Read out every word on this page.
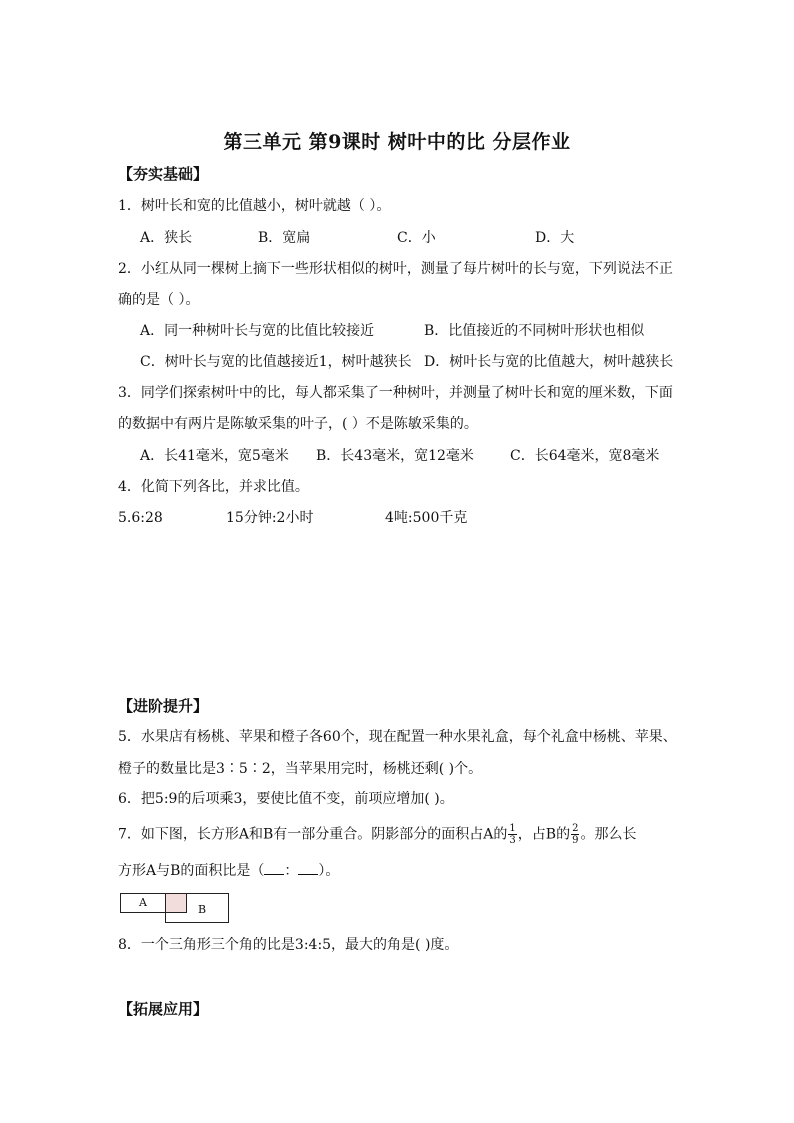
第三单元 第9课时 树叶中的比 分层作业
【夯实基础】
1．树叶长和宽的比值越小，树叶就越（ ）。
A．狭长	B．宽扁	C．小	D．大
2．小红从同一棵树上摘下一些形状相似的树叶，测量了每片树叶的长与宽，下列说法不正
确的是（ ）。
A．同一种树叶长与宽的比值比较接近	B．比值接近的不同树叶形状也相似
C．树叶长与宽的比值越接近1，树叶越狭长 D．树叶长与宽的比值越大，树叶越狭长
3．同学们探索树叶中的比，每人都采集了一种树叶，并测量了树叶长和宽的厘米数，下面
的数据中有两片是陈敏采集的叶子，( ）不是陈敏采集的。
A．长41毫米，宽5毫米 B．长43毫米，宽12毫米	C．长64毫米，宽8毫米
4．化简下列各比，并求比值。
5.6:28	15分钟:2小时	4吨:500千克
【进阶提升】
5．水果店有杨桃、苹果和橙子各60个，现在配置一种水果礼盒，每个礼盒中杨桃、苹果、
橙子的数量比是3∶5∶2，当苹果用完时，杨桃还剩( )个。
6．把5:9的后项乘3，要使比值不变，前项应增加( )。
7．如下图，长方形A和B有一部分重合。阴影部分的面积占A的 $\frac{1}{3}$ ，占B的 $\frac{2}{9}$ 。那么长
方形A与B的面积比是（ ： ）。
A
B
8．一个三角形三个角的比是3:4:5，最大的角是( )度。
【拓展应用】
